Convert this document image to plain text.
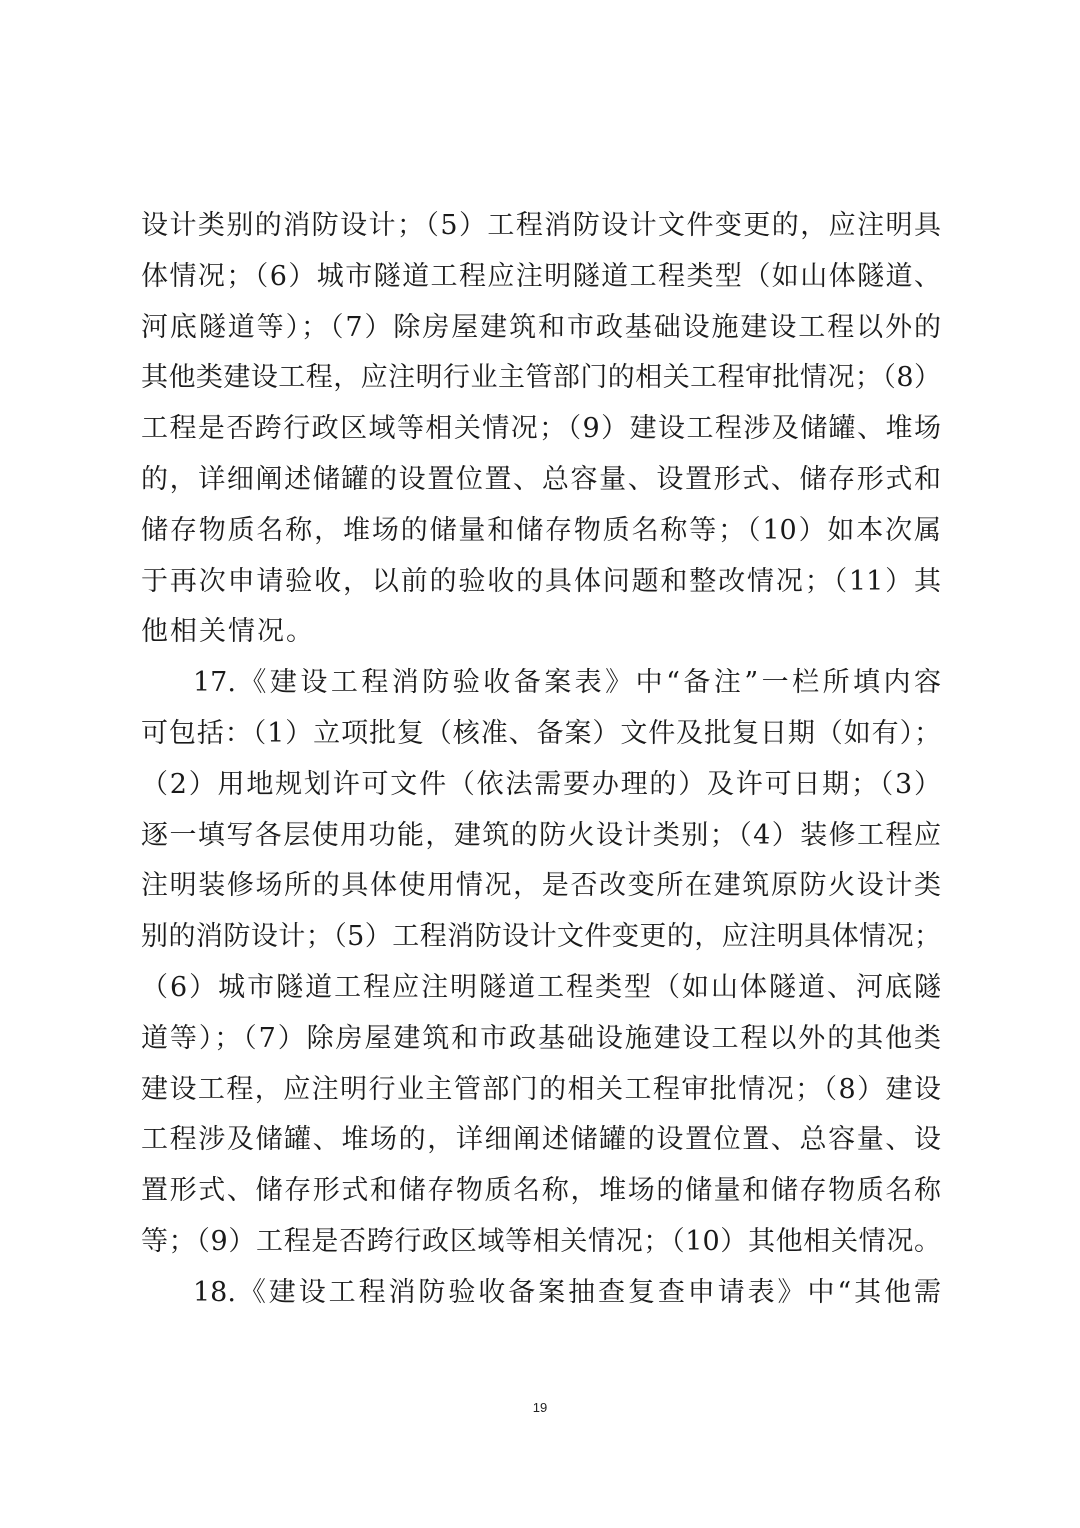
设计类别的消防设计；（5）工程消防设计文件变更的，应注明具
体情况；（6）城市隧道工程应注明隧道工程类型（如山体隧道、
河底隧道等）；（7）除房屋建筑和市政基础设施建设工程以外的
其他类建设工程，应注明行业主管部门的相关工程审批情况；（8）
工程是否跨行政区域等相关情况；（9）建设工程涉及储罐、堆场
的，详细阐述储罐的设置位置、总容量、设置形式、储存形式和
储存物质名称，堆场的储量和储存物质名称等；（10）如本次属
于再次申请验收，以前的验收的具体问题和整改情况；（11）其
他相关情况。
17.《建设工程消防验收备案表》中“备注”一栏所填内容
可包括：（1）立项批复（核准、备案）文件及批复日期（如有）；
（2）用地规划许可文件（依法需要办理的）及许可日期；（3）
逐一填写各层使用功能，建筑的防火设计类别；（4）装修工程应
注明装修场所的具体使用情况，是否改变所在建筑原防火设计类
别的消防设计；（5）工程消防设计文件变更的，应注明具体情况；
（6）城市隧道工程应注明隧道工程类型（如山体隧道、河底隧
道等）；（7）除房屋建筑和市政基础设施建设工程以外的其他类
建设工程，应注明行业主管部门的相关工程审批情况；（8）建设
工程涉及储罐、堆场的，详细阐述储罐的设置位置、总容量、设
置形式、储存形式和储存物质名称，堆场的储量和储存物质名称
等；（9）工程是否跨行政区域等相关情况；（10）其他相关情况。
18.《建设工程消防验收备案抽查复查申请表》中“其他需
19
